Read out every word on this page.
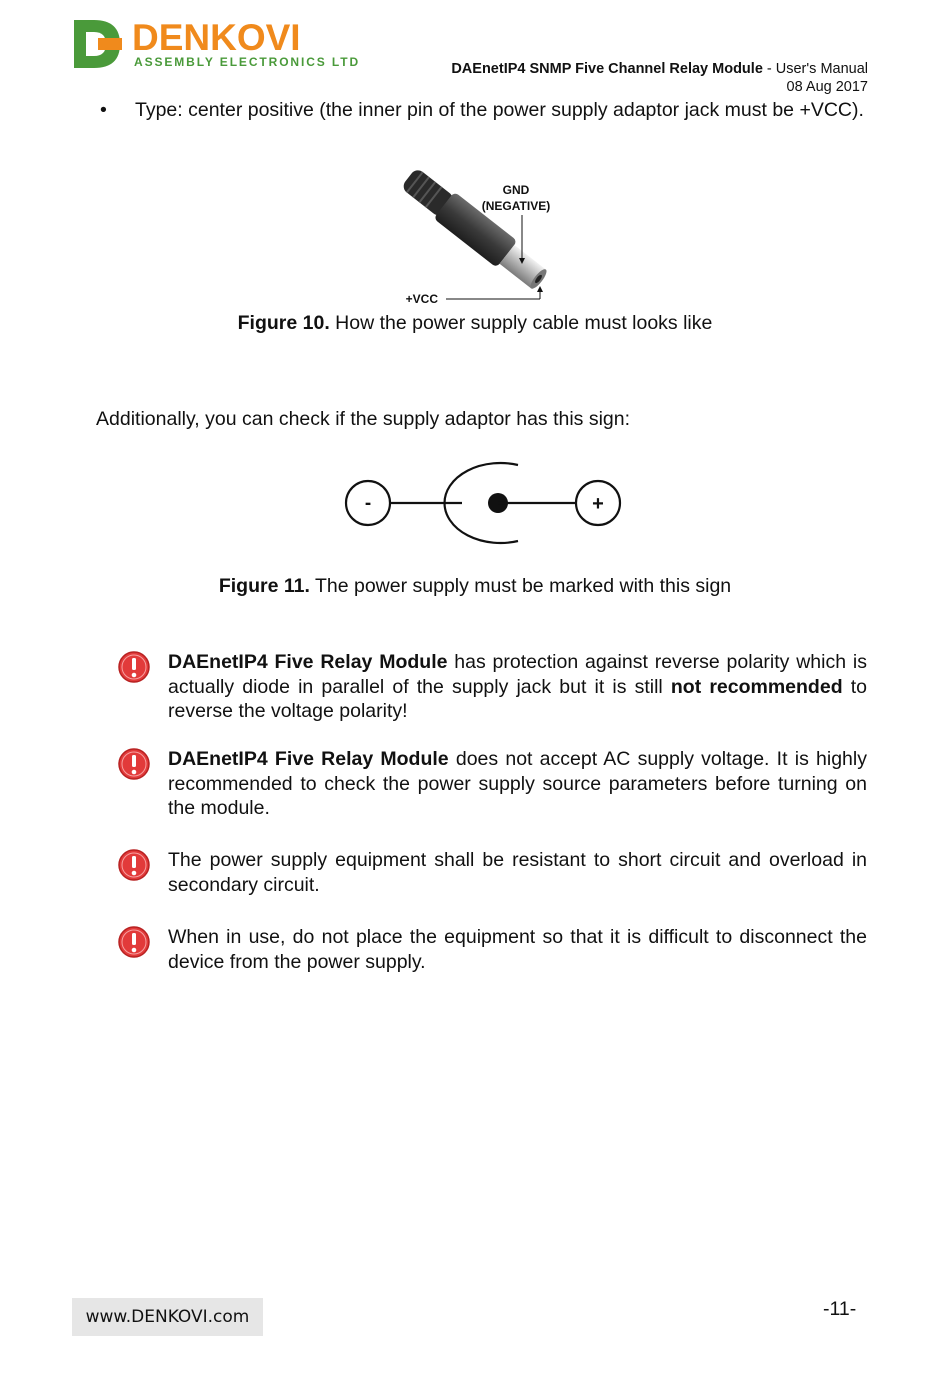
DENKOVI
ASSEMBLY ELECTRONICS LTD	DAEnetIP4 SNMP Five Channel Relay Module - User's Manual
08 Aug 2017
• Type: center positive (the inner pin of the power supply adaptor jack must be +VCC).
GND
(NEGATIVE)
+VCC
Figure 10. How the power supply cable must looks like
Additionally, you can check if the supply adaptor has this sign:
-	+
Figure 11. The power supply must be marked with this sign
DAEnetIP4 Five Relay Module has protection against reverse polarity which is actually diode in parallel of the supply jack but it is still not recommended to reverse the voltage polarity!
DAEnetIP4 Five Relay Module does not accept AC supply voltage. It is highly recommended to check the power supply source parameters before turning on the module.
The power supply equipment shall be resistant to short circuit and overload in secondary circuit.
When in use, do not place the equipment so that it is difficult to disconnect the device from the power supply.
www.DENKOVI.com	-11-
